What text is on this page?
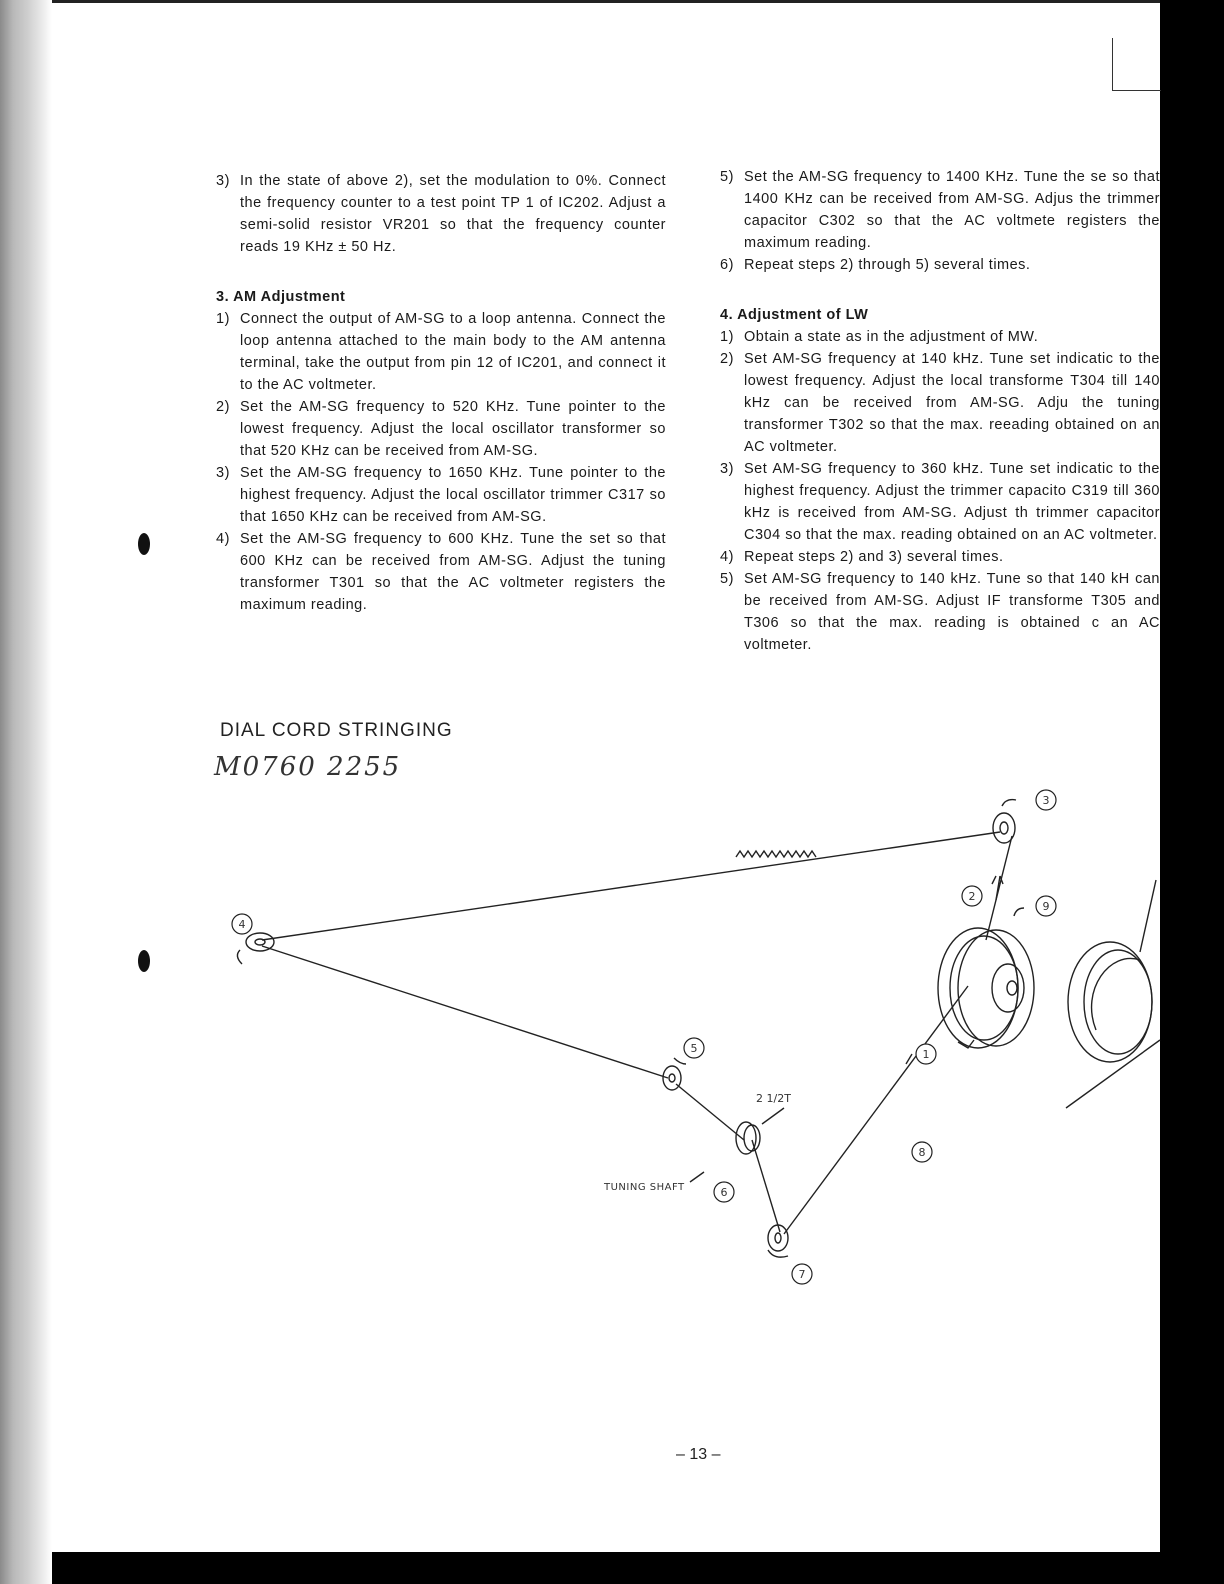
3) In the state of above 2), set the modulation to 0%. Connect the frequency counter to a test point TP 1 of IC202. Adjust a semi-solid resistor VR201 so that the frequency counter reads 19 KHz ± 50 Hz.
3. AM Adjustment
1) Connect the output of AM-SG to a loop antenna. Connect the loop antenna attached to the main body to the AM antenna terminal, take the output from pin 12 of IC201, and connect it to the AC voltmeter.
2) Set the AM-SG frequency to 520 KHz. Tune pointer to the lowest frequency. Adjust the local oscillator transformer so that 520 KHz can be received from AM-SG.
3) Set the AM-SG frequency to 1650 KHz. Tune pointer to the highest frequency. Adjust the local oscillator trimmer C317 so that 1650 KHz can be received from AM-SG.
4) Set the AM-SG frequency to 600 KHz. Tune the set so that 600 KHz can be received from AM-SG. Adjust the tuning transformer T301 so that the AC voltmeter registers the maximum reading.
5) Set the AM-SG frequency to 1400 KHz. Tune the se so that 1400 KHz can be received from AM-SG. Adjus the trimmer capacitor C302 so that the AC voltmete registers the maximum reading.
6) Repeat steps 2) through 5) several times.
4. Adjustment of LW
1) Obtain a state as in the adjustment of MW.
2) Set AM-SG frequency at 140 kHz. Tune set indicatic to the lowest frequency. Adjust the local transforme T304 till 140 kHz can be received from AM-SG. Adju the tuning transformer T302 so that the max. reeading obtained on an AC voltmeter.
3) Set AM-SG frequency to 360 kHz. Tune set indicatic to the highest frequency. Adjust the trimmer capacito C319 till 360 kHz is received from AM-SG. Adjust th trimmer capacitor C304 so that the max. reading obtained on an AC voltmeter.
4) Repeat steps 2) and 3) several times.
5) Set AM-SG frequency to 140 kHz. Tune so that 140 kH can be received from AM-SG. Adjust IF transforme T305 and T306 so that the max. reading is obtained c an AC voltmeter.
DIAL CORD STRINGING
M0760 2255
3
2
9
4
5	1
8
6
7
2 1/2T
TUNING SHAFT
– 13 –
